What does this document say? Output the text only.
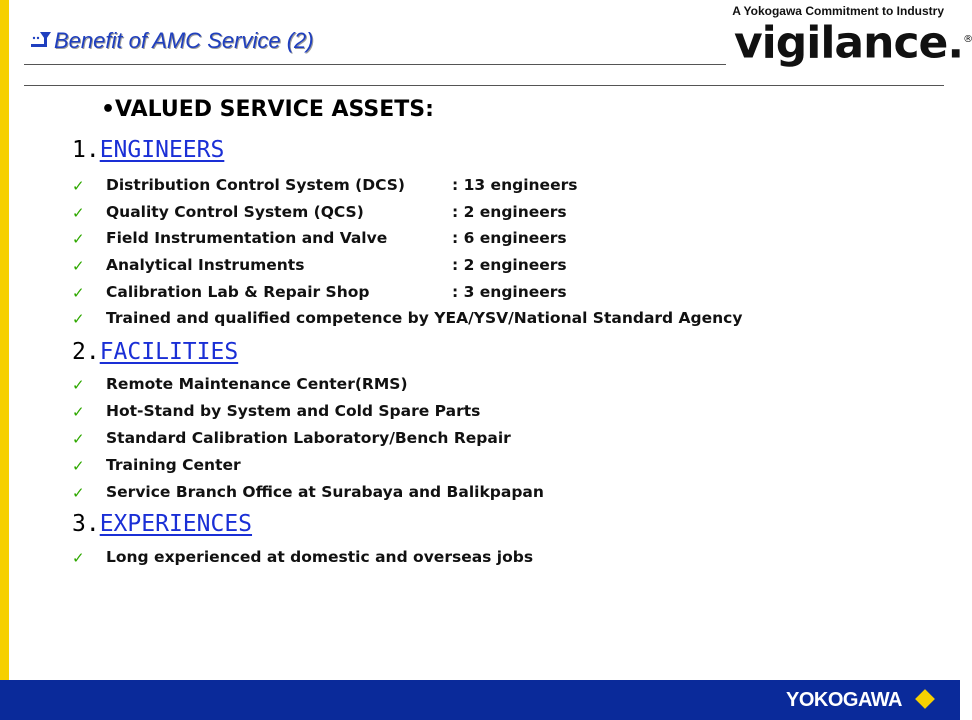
Benefit of AMC Service (2)
A Yokogawa Commitment to Industry
vigilance.®
•VALUED SERVICE ASSETS:
1.ENGINEERS
✓ Distribution Control System (DCS)	: 13 engineers
✓ Quality Control System (QCS)	: 2 engineers
✓ Field Instrumentation and Valve	: 6 engineers
✓ Analytical Instruments	: 2 engineers
✓ Calibration Lab & Repair Shop	: 3 engineers
✓ Trained and qualified competence by YEA/YSV/National Standard Agency
2.FACILITIES
✓ Remote Maintenance Center(RMS)
✓ Hot-Stand by System and Cold Spare Parts
✓ Standard Calibration Laboratory/Bench Repair
✓ Training Center
✓ Service Branch Office at Surabaya and Balikpapan
3.EXPERIENCES
✓ Long experienced at domestic and overseas jobs
YOKOGAWA
